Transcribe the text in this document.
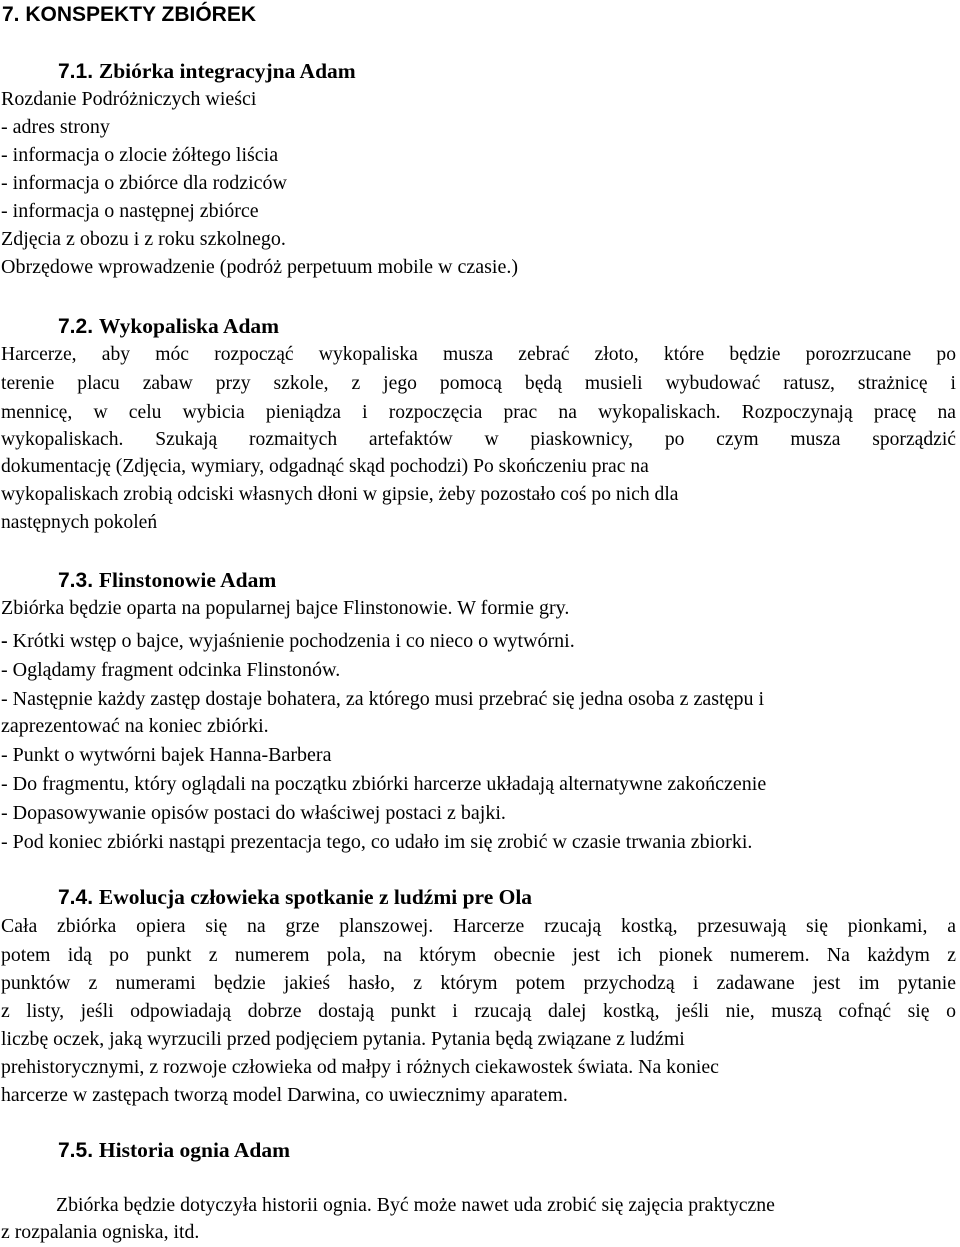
7. KONSPEKTY ZBIÓREK
7.1. Zbiórka integracyjna Adam
Rozdanie Podróżniczych wieści
- adres strony
- informacja o zlocie żółtego liścia
- informacja o zbiórce dla rodziców
- informacja o następnej zbiórce
Zdjęcia z obozu i z roku szkolnego.
Obrzędowe wprowadzenie (podróż perpetuum mobile w czasie.)
7.2. Wykopaliska Adam
Harcerze, aby móc rozpocząć wykopaliska musza zebrać złoto, które będzie porozrzucane po
terenie placu zabaw przy szkole, z jego pomocą będą musieli wybudować ratusz, strażnicę i
mennicę, w celu wybicia pieniądza i rozpoczęcia prac na wykopaliskach. Rozpoczynają pracę na
wykopaliskach. Szukają rozmaitych artefaktów w piaskownicy, po czym musza sporządzić
dokumentację (Zdjęcia, wymiary, odgadnąć skąd pochodzi) Po skończeniu prac na
wykopaliskach zrobią odciski własnych dłoni w gipsie, żeby pozostało coś po nich dla
następnych pokoleń
7.3. Flinstonowie Adam
Zbiórka będzie oparta na popularnej bajce Flinstonowie. W formie gry.
- Krótki wstęp o bajce, wyjaśnienie pochodzenia i co nieco o wytwórni.
- Oglądamy fragment odcinka Flinstonów.
- Następnie każdy zastęp dostaje bohatera, za którego musi przebrać się jedna osoba z zastępu i
zaprezentować na koniec zbiórki.
- Punkt o wytwórni bajek Hanna-Barbera
- Do fragmentu, który oglądali na początku zbiórki harcerze układają alternatywne zakończenie
- Dopasowywanie opisów postaci do właściwej postaci z bajki.
- Pod koniec zbiórki nastąpi prezentacja tego, co udało im się zrobić w czasie trwania zbiorki.
7.4. Ewolucja człowieka spotkanie z ludźmi pre Ola
Cała zbiórka opiera się na grze planszowej. Harcerze rzucają kostką, przesuwają się pionkami, a
potem idą po punkt z numerem pola, na którym obecnie jest ich pionek numerem. Na każdym z
punktów z numerami będzie jakieś hasło, z którym potem przychodzą i zadawane jest im pytanie
z listy, jeśli odpowiadają dobrze dostają punkt i rzucają dalej kostką, jeśli nie, muszą cofnąć się o
liczbę oczek, jaką wyrzucili przed podjęciem pytania. Pytania będą związane z ludźmi
prehistorycznymi, z rozwoje człowieka od małpy i różnych ciekawostek świata. Na koniec
harcerze w zastępach tworzą model Darwina, co uwiecznimy aparatem.
7.5. Historia ognia Adam
Zbiórka będzie dotyczyła historii ognia. Być może nawet uda zrobić się zajęcia praktyczne
z rozpalania ogniska, itd.
